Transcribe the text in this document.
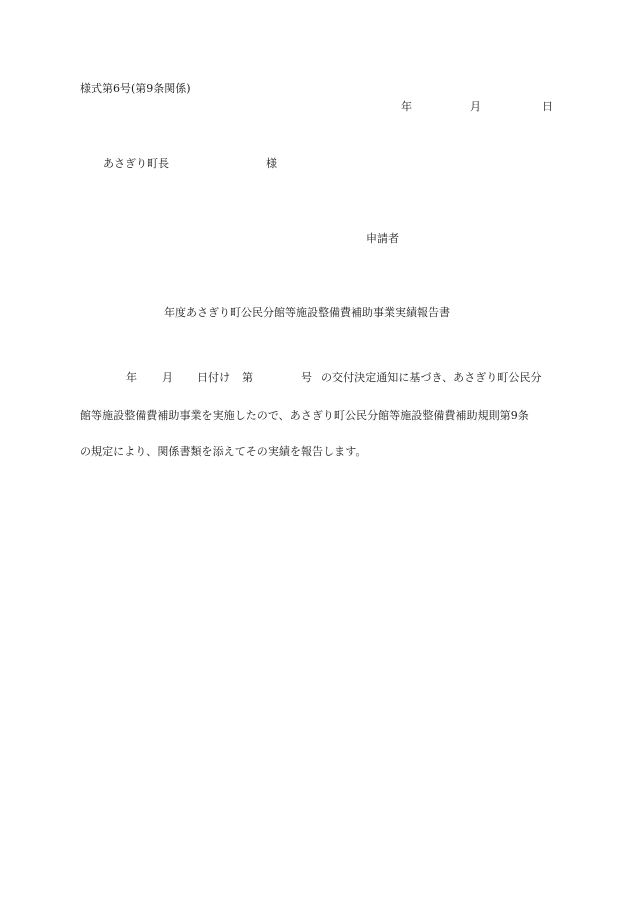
様式第6号(第9条関係)
年	月	日
あさぎり町長	様
申請者
年度あさぎり町公民分館等施設整備費補助事業実績報告書
年 月 日付け 第	号 の交付決定通知に基づき、あさぎり町公民分
館等施設整備費補助事業を実施したので、あさぎり町公民分館等施設整備費補助規則第9条
の規定により、関係書類を添えてその実績を報告します。
